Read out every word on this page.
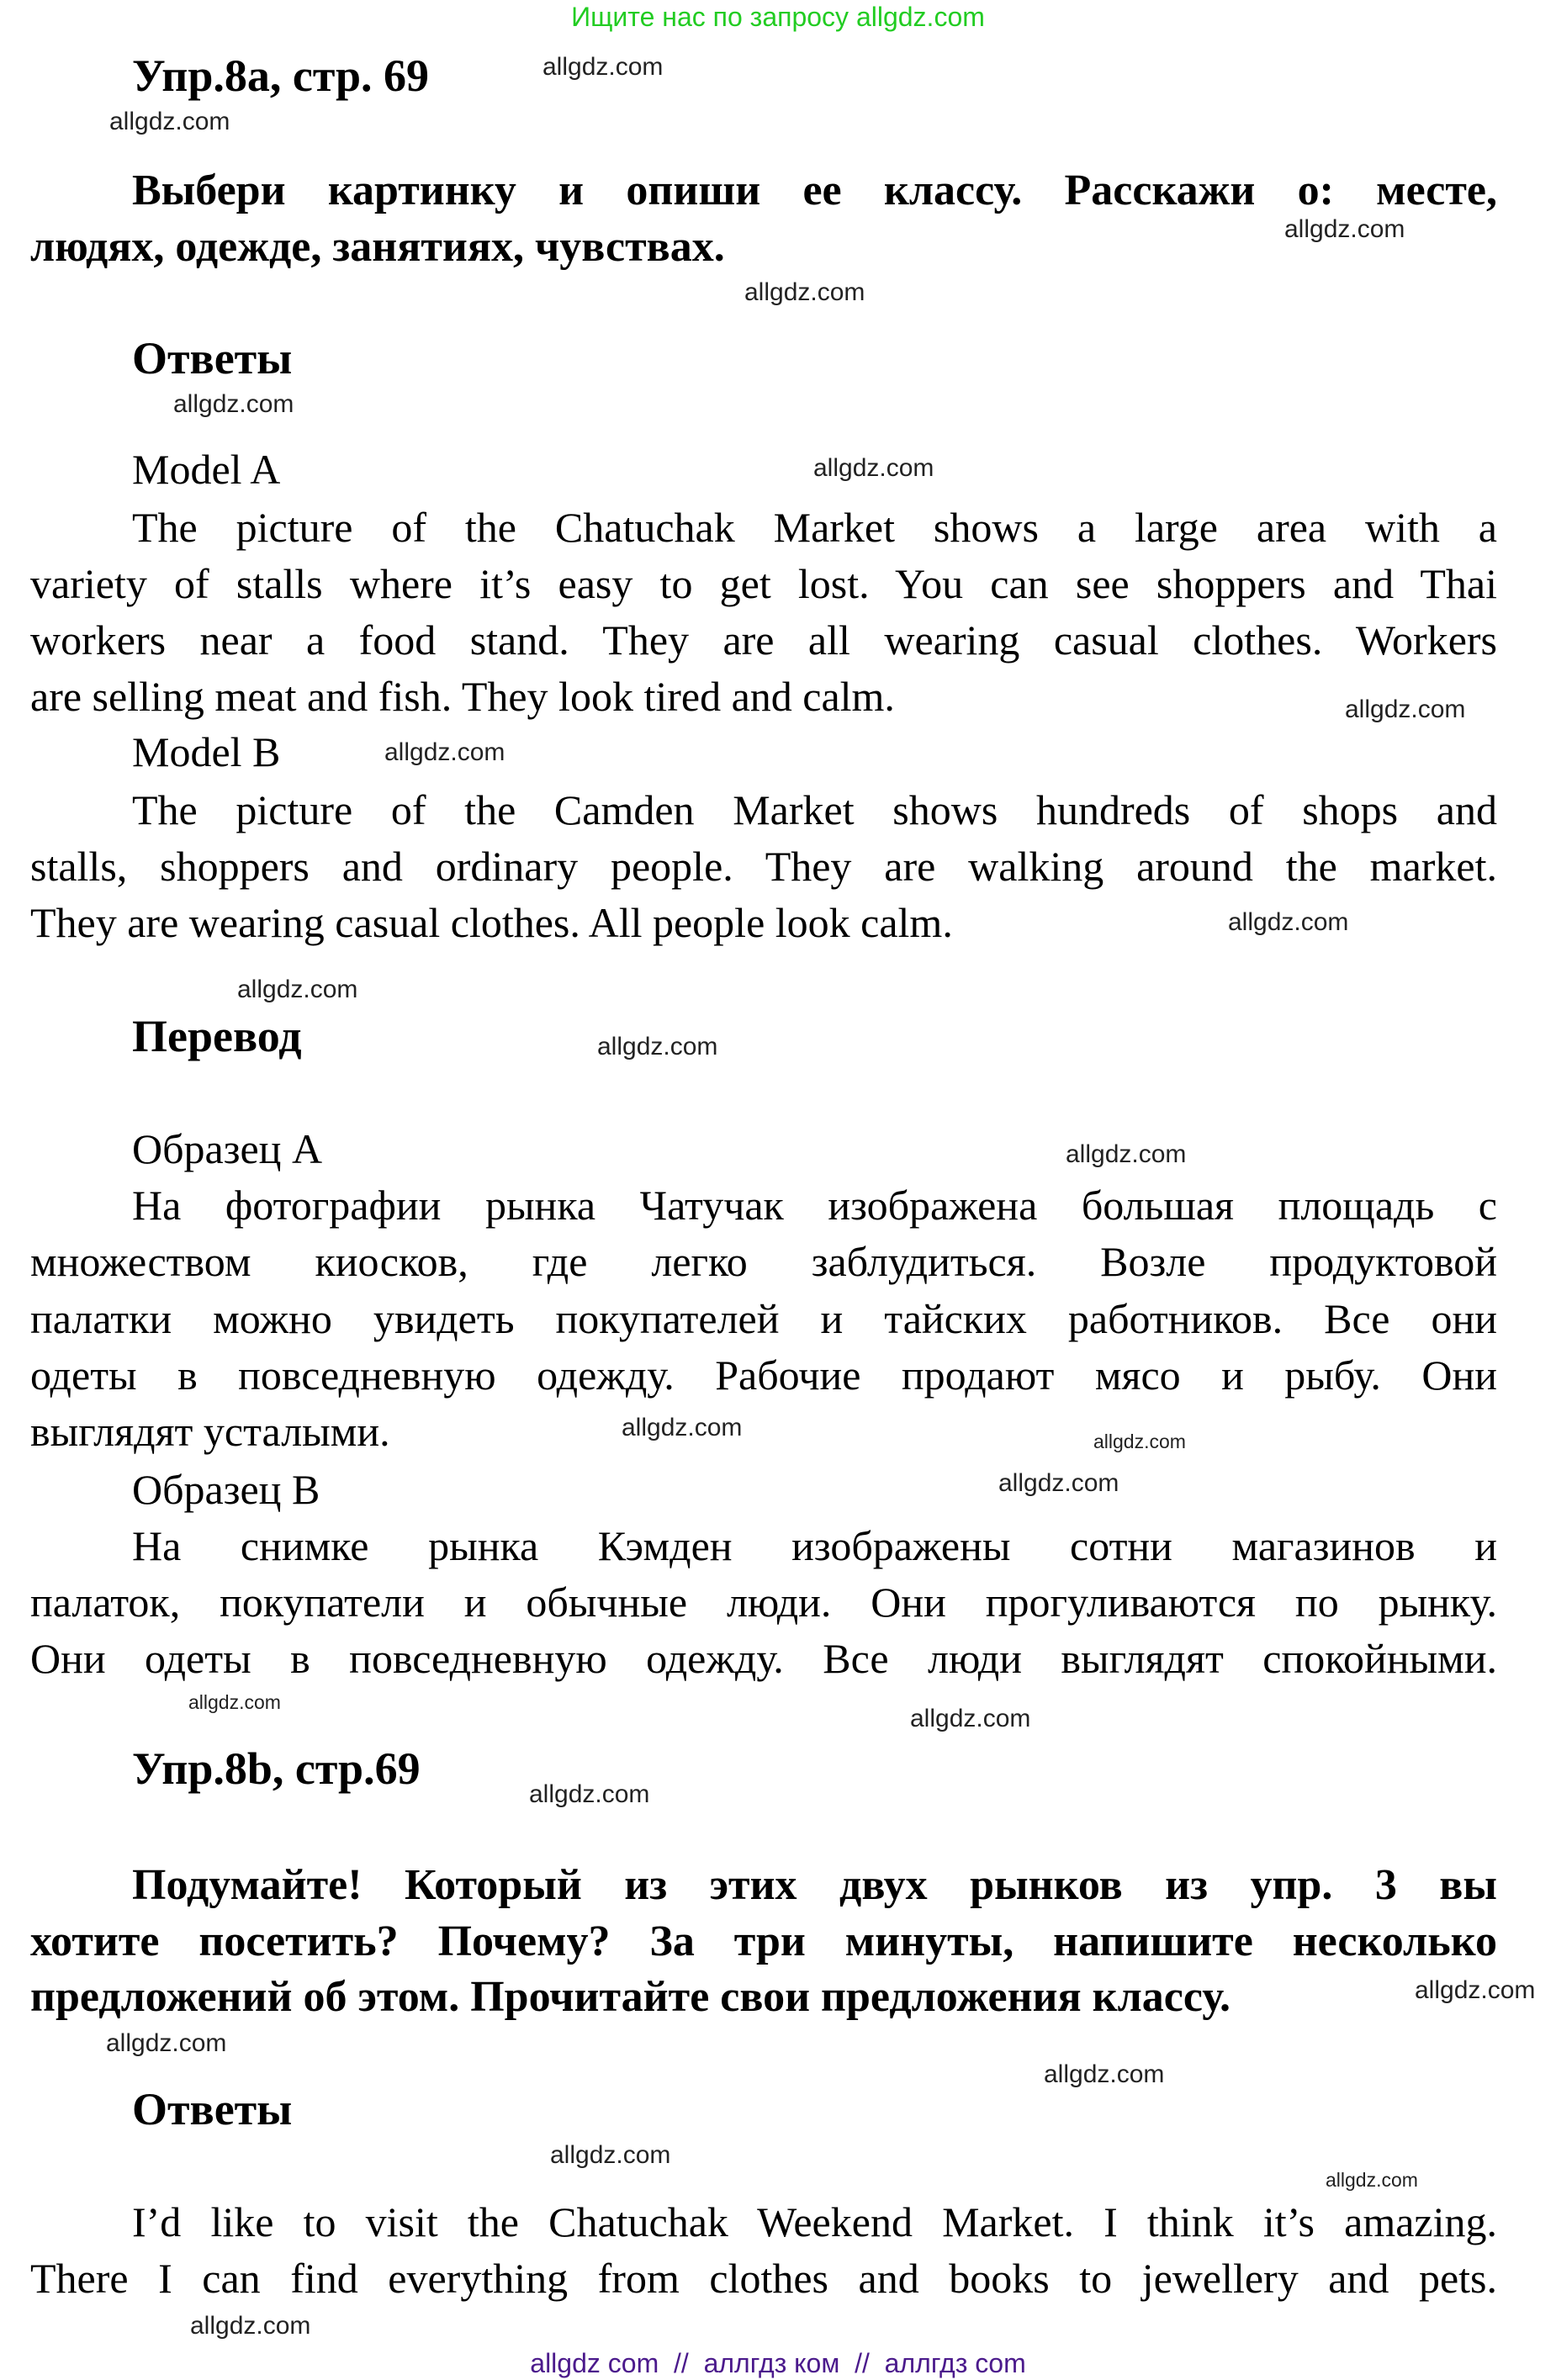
Ищите нас по запросу allgdz.com
Упр.8a, стр. 69
Выбери картинку и опиши ее классу. Расскажи о: месте,
людях, одежде, занятиях, чувствах.
Ответы
Model A
The picture of the Chatuchak Market shows a large area with a
variety of stalls where it’s easy to get lost. You can see shoppers and Thai
workers near a food stand. They are all wearing casual clothes. Workers
are selling meat and fish. They look tired and calm.
Model B
The picture of the Camden Market shows hundreds of shops and
stalls, shoppers and ordinary people. They are walking around the market.
They are wearing casual clothes. All people look calm.
Перевод
Образец A
На фотографии рынка Чатучак изображена большая площадь с
множеством киосков, где легко заблудиться. Возле продуктовой
палатки можно увидеть покупателей и тайских работников. Все они
одеты в повседневную одежду. Рабочие продают мясо и рыбу. Они
выглядят усталыми.
Образец B
На снимке рынка Кэмден изображены сотни магазинов и
палаток, покупатели и обычные люди. Они прогуливаются по рынку.
Они одеты в повседневную одежду. Все люди выглядят спокойными.
Упр.8b, стр.69
Подумайте! Который из этих двух рынков из упр. 3 вы
хотите посетить? Почему? За три минуты, напишите несколько
предложений об этом. Прочитайте свои предложения классу.
Ответы
I’d like to visit the Chatuchak Weekend Market. I think it’s amazing.
There I can find everything from clothes and books to jewellery and pets.
allgdz.com
allgdz.com
allgdz.com
allgdz.com
allgdz.com
allgdz.com
allgdz.com
allgdz.com
allgdz.com
allgdz.com
allgdz.com
allgdz.com
allgdz.com
allgdz.com
allgdz.com
allgdz.com
allgdz.com
allgdz.com
allgdz.com
allgdz.com
allgdz.com
allgdz.com
allgdz.com
allgdz.com
allgdz com  //  аллгдз ком  //  аллгдз com
